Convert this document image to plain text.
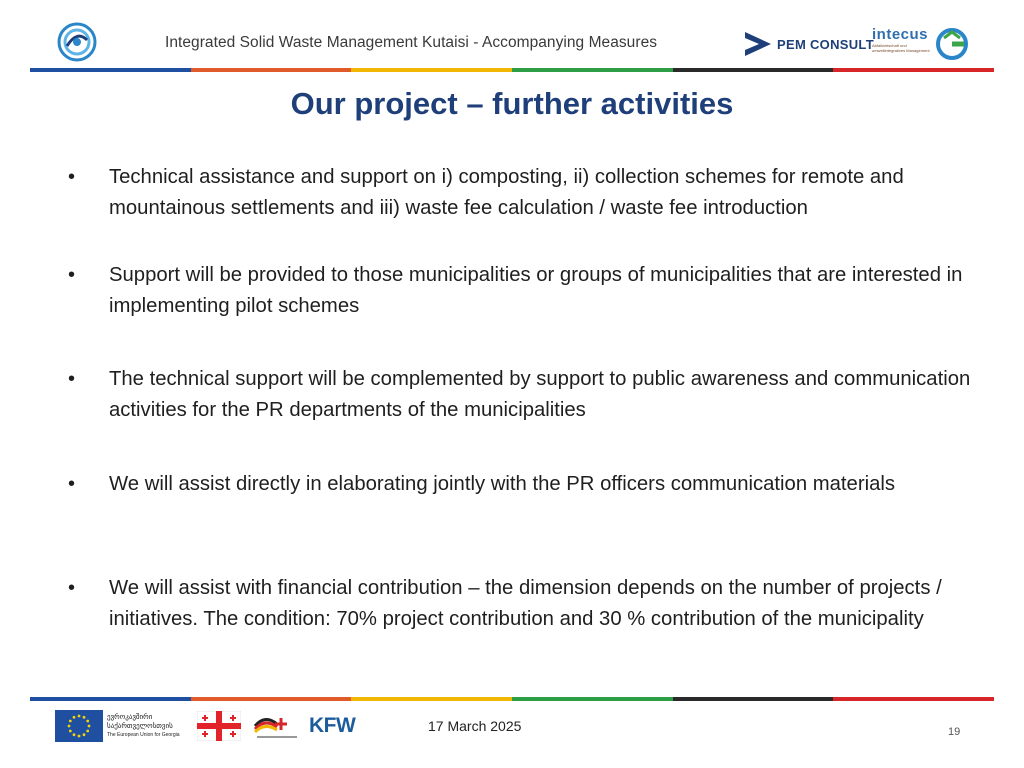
Integrated Solid Waste Management Kutaisi - Accompanying Measures	PEM CONSULT
intecus
Abfallwirtschaft und umweltintegratives Management
Our project – further activities
•	Technical assistance and support on i) composting, ii) collection schemes for remote and mountainous settlements and iii) waste fee calculation / waste fee introduction
•	Support will be provided to those municipalities or groups of municipalities that are interested in implementing pilot schemes
•	The technical support will be complemented by support to public awareness and communication activities for the PR departments of the municipalities
•	We will assist directly in elaborating jointly with the PR officers communication materials
•	We will assist with financial contribution – the dimension depends on the number of projects / initiatives. The condition: 70% project contribution and 30 % contribution of the municipality
ევროკავშირი
საქართველოსთვის
The European Union for Georgia	KFW	17 March 2025	19
